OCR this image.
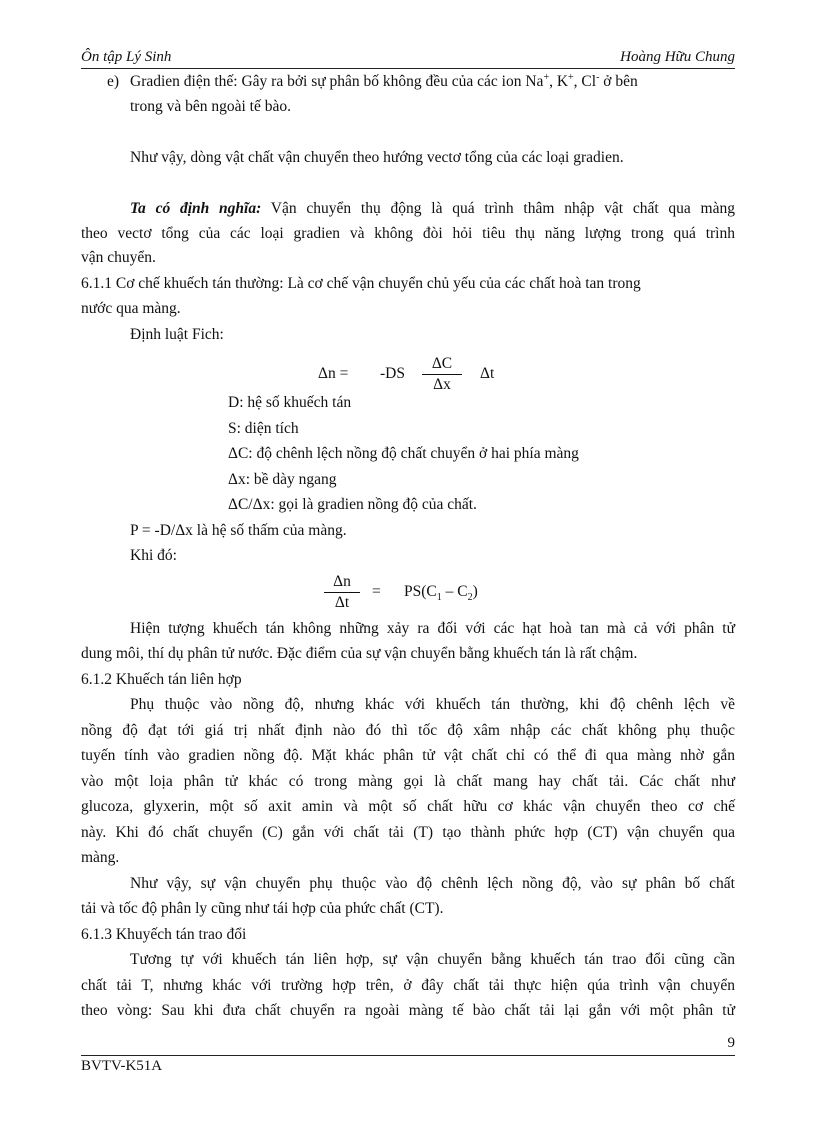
Ôn tập Lý Sinh	Hoàng Hữu Chung
e) Gradien điện thế: Gây ra bởi sự phân bố không đều của các ion Na+, K+, Cl- ở bên
trong và bên ngoài tế bào.
Như vậy, dòng vật chất vận chuyển theo hướng vectơ tổng của các loại gradien.
Ta có định nghĩa: Vận chuyển thụ động là quá trình thâm nhập vật chất qua màng
theo vectơ tổng của các loại gradien và không đòi hỏi tiêu thụ năng lượng trong quá trình
vận chuyển.
6.1.1 Cơ chế khuếch tán thường: Là cơ chế vận chuyển chủ yếu của các chất hoà tan trong
nước qua màng.
Định luật Fich:
$\Delta n = -DS \frac{\Delta C}{\Delta x}$ Δt
D: hệ số khuếch tán
S: diện tích
ΔC: độ chênh lệch nồng độ chất chuyển ở hai phía màng
Δx: bề dày ngang
ΔC/Δx: gọi là gradien nồng độ của chất.
P = -D/Δx là hệ số thấm của màng.
Khi đó:
$\frac{\Delta n}{\Delta t} = PS(C_1 - C_2)$
Hiện tượng khuếch tán không những xảy ra đối với các hạt hoà tan mà cả với phân tử
dung môi, thí dụ phân tử nước. Đặc điểm của sự vận chuyển bằng khuếch tán là rất chậm.
6.1.2 Khuếch tán liên hợp
Phụ thuộc vào nồng độ, nhưng khác với khuếch tán thường, khi độ chênh lệch về
nồng độ đạt tới giá trị nhất định nào đó thì tốc độ xâm nhập các chất không phụ thuộc
tuyến tính vào gradien nồng độ. Mặt khác phân tử vật chất chỉ có thể đi qua màng nhờ gắn
vào một loịa phân tử khác có trong màng gọi là chất mang hay chất tải. Các chất như
glucoza, glyxerin, một số axit amin và một số chất hữu cơ khác vận chuyển theo cơ chế
này. Khi đó chất chuyển (C) gắn với chất tải (T) tạo thành phức hợp (CT) vận chuyển qua
màng.
Như vậy, sự vận chuyển phụ thuộc vào độ chênh lệch nồng độ, vào sự phân bố chất
tải và tốc độ phân ly cũng như tái hợp của phức chất (CT).
6.1.3 Khuyếch tán trao đổi
Tương tự với khuếch tán liên hợp, sự vận chuyển bằng khuếch tán trao đổi cũng cần
chất tải T, nhưng khác với trường hợp trên, ở đây chất tải thực hiện qúa trình vận chuyển
theo vòng: Sau khi đưa chất chuyển ra ngoài màng tế bào chất tải lại gắn với một phân tử
9
BVTV-K51A
